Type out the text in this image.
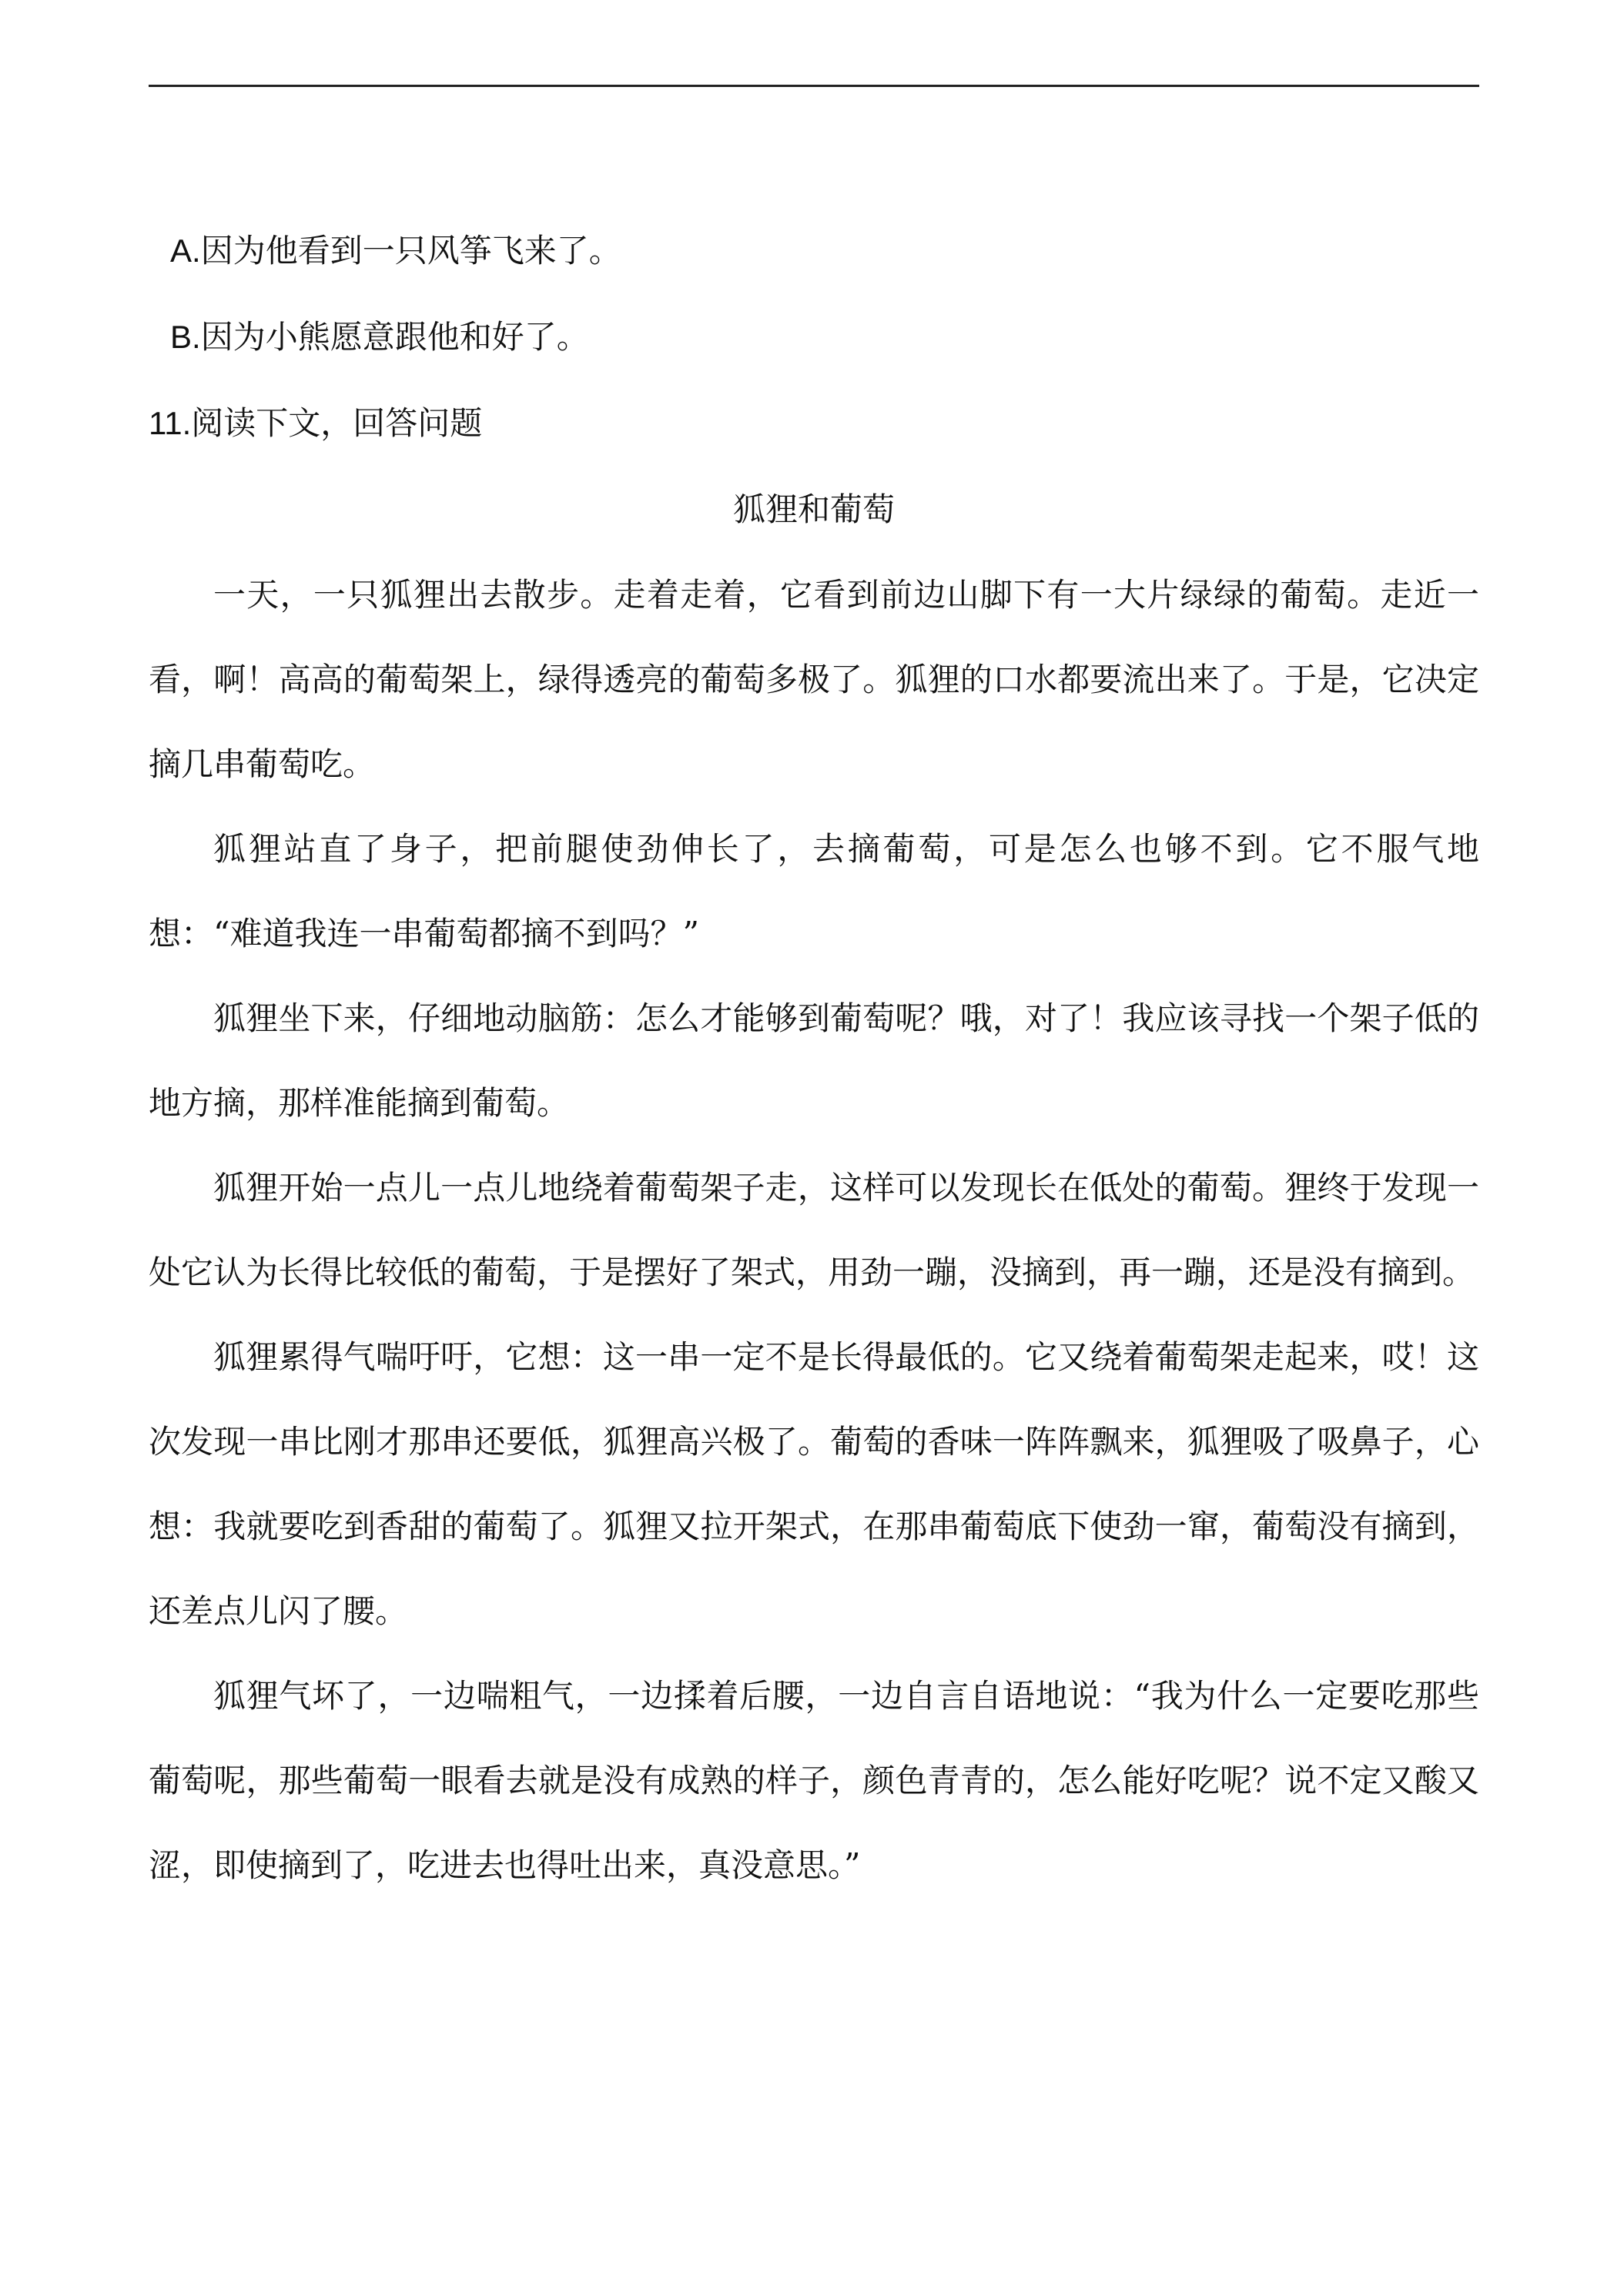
A.因为他看到一只风筝飞来了。

B.因为小熊愿意跟他和好了。

11.阅读下文，回答问题

狐狸和葡萄

一天，一只狐狸出去散步。走着走着，它看到前边山脚下有一大片绿绿的葡萄。走近一看，啊！高高的葡萄架上，绿得透亮的葡萄多极了。狐狸的口水都要流出来了。于是，它决定摘几串葡萄吃。

狐狸站直了身子，把前腿使劲伸长了，去摘葡萄，可是怎么也够不到。它不服气地想：“难道我连一串葡萄都摘不到吗？”

狐狸坐下来，仔细地动脑筋：怎么才能够到葡萄呢？哦，对了！我应该寻找一个架子低的地方摘，那样准能摘到葡萄。

狐狸开始一点儿一点儿地绕着葡萄架子走，这样可以发现长在低处的葡萄。狸终于发现一处它认为长得比较低的葡萄，于是摆好了架式，用劲一蹦，没摘到，再一蹦，还是没有摘到。

狐狸累得气喘吁吁，它想：这一串一定不是长得最低的。它又绕着葡萄架走起来，哎！这次发现一串比刚才那串还要低，狐狸高兴极了。葡萄的香味一阵阵飘来，狐狸吸了吸鼻子，心想：我就要吃到香甜的葡萄了。狐狸又拉开架式，在那串葡萄底下使劲一窜，葡萄没有摘到，还差点儿闪了腰。

狐狸气坏了，一边喘粗气，一边揉着后腰，一边自言自语地说：“我为什么一定要吃那些葡萄呢，那些葡萄一眼看去就是没有成熟的样子，颜色青青的，怎么能好吃呢？说不定又酸又涩，即使摘到了，吃进去也得吐出来，真没意思。”
